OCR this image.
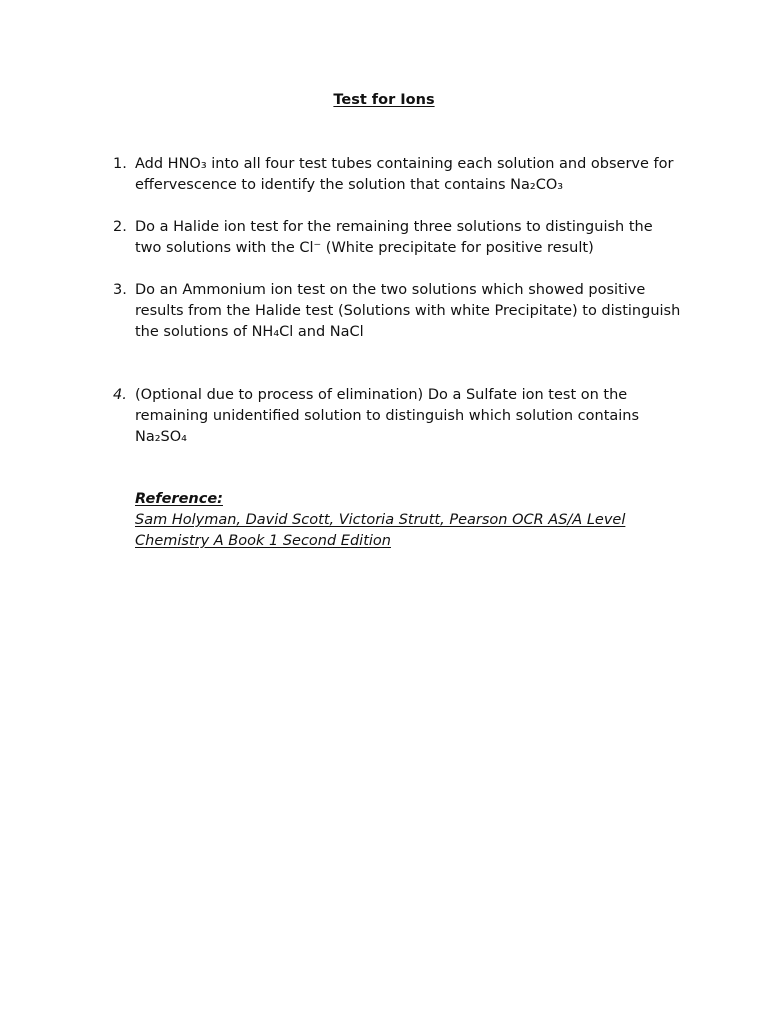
Test for Ions
1. Add HNO₃ into all four test tubes containing each solution and observe for effervescence to identify the solution that contains Na₂CO₃
2. Do a Halide ion test for the remaining three solutions to distinguish the two solutions with the Cl⁻ (White precipitate for positive result)
3. Do an Ammonium ion test on the two solutions which showed positive results from the Halide test (Solutions with white Precipitate) to distinguish the solutions of NH₄Cl and NaCl
4. (Optional due to process of elimination) Do a Sulfate ion test on the remaining unidentified solution to distinguish which solution contains Na₂SO₄
Reference:
Sam Holyman, David Scott, Victoria Strutt, Pearson OCR AS/A Level
Chemistry A Book 1 Second Edition
